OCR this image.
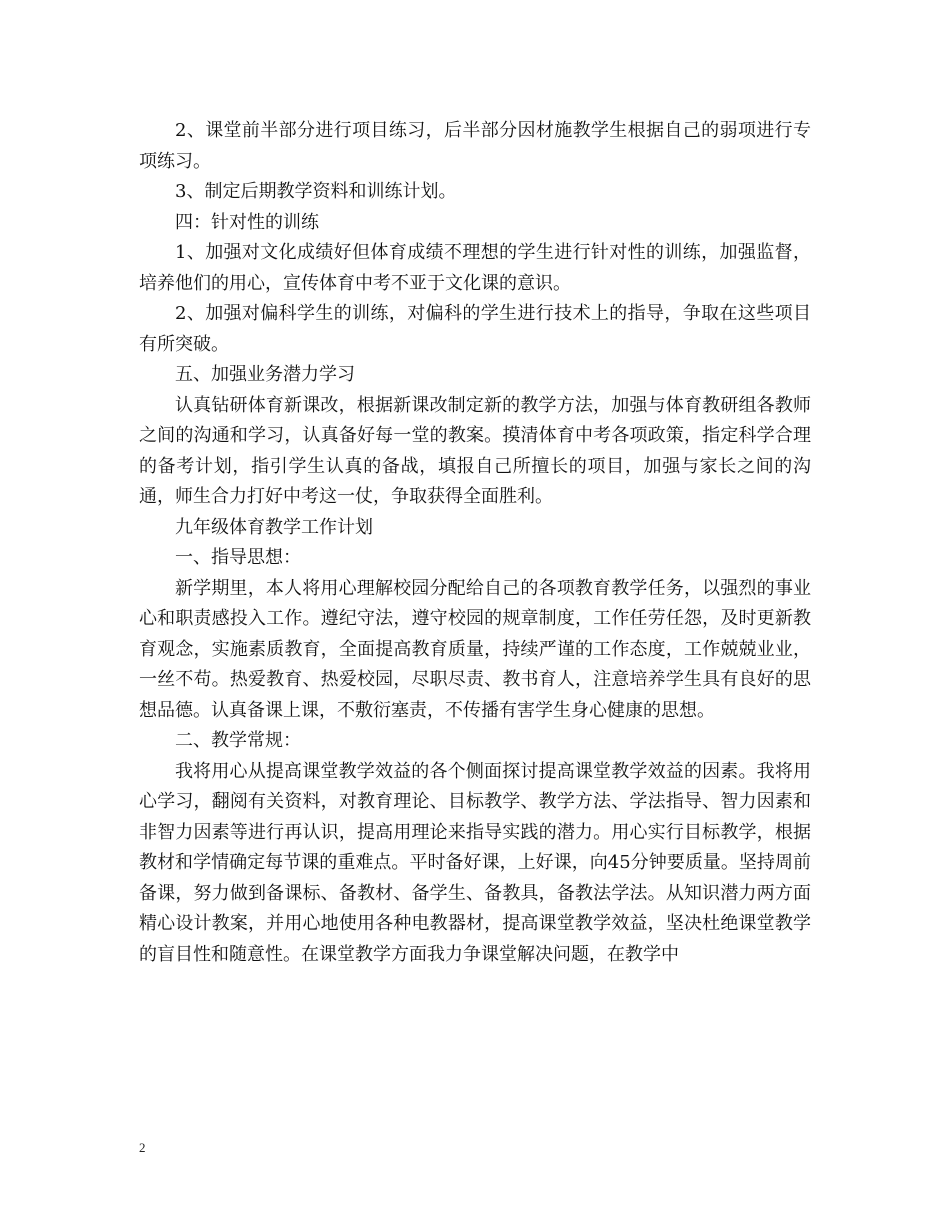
2、课堂前半部分进行项目练习，后半部分因材施教学生根据自己的弱项进行专项练习。

3、制定后期教学资料和训练计划。

四：针对性的训练

1、加强对文化成绩好但体育成绩不理想的学生进行针对性的训练，加强监督，培养他们的用心，宣传体育中考不亚于文化课的意识。

2、加强对偏科学生的训练，对偏科的学生进行技术上的指导，争取在这些项目有所突破。

五、加强业务潜力学习

认真钻研体育新课改，根据新课改制定新的教学方法，加强与体育教研组各教师之间的沟通和学习，认真备好每一堂的教案。摸清体育中考各项政策，指定科学合理的备考计划，指引学生认真的备战，填报自己所擅长的项目，加强与家长之间的沟通，师生合力打好中考这一仗，争取获得全面胜利。

九年级体育教学工作计划

一、指导思想：

新学期里，本人将用心理解校园分配给自己的各项教育教学任务，以强烈的事业心和职责感投入工作。遵纪守法，遵守校园的规章制度，工作任劳任怨，及时更新教育观念，实施素质教育，全面提高教育质量，持续严谨的工作态度，工作兢兢业业，一丝不苟。热爱教育、热爱校园，尽职尽责、教书育人，注意培养学生具有良好的思想品德。认真备课上课，不敷衍塞责，不传播有害学生身心健康的思想。

二、教学常规：

我将用心从提高课堂教学效益的各个侧面探讨提高课堂教学效益的因素。我将用心学习，翻阅有关资料，对教育理论、目标教学、教学方法、学法指导、智力因素和非智力因素等进行再认识，提高用理论来指导实践的潜力。用心实行目标教学，根据教材和学情确定每节课的重难点。平时备好课，上好课，向45分钟要质量。坚持周前备课，努力做到备课标、备教材、备学生、备教具，备教法学法。从知识潜力两方面精心设计教案，并用心地使用各种电教器材，提高课堂教学效益，坚决杜绝课堂教学的盲目性和随意性。在课堂教学方面我力争课堂解决问题，在教学中

2
